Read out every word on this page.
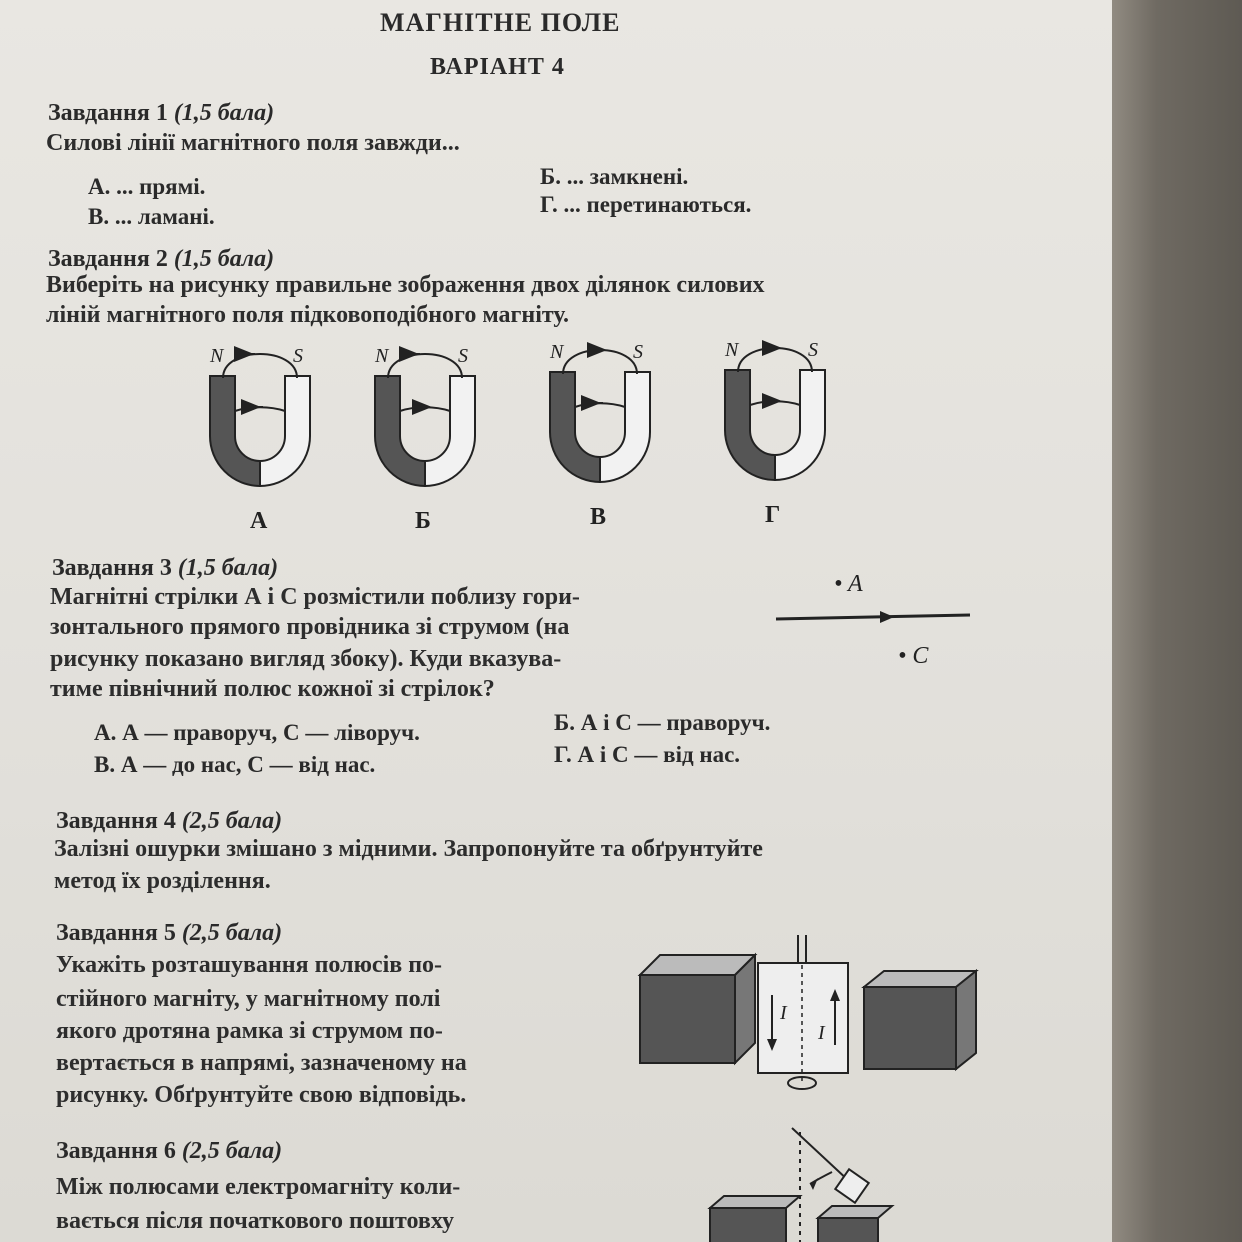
МАГНІТНЕ ПОЛЕ
ВАРІАНТ 4
Завдання 1 (1,5 бала)
Силові лінії магнітного поля завжди...
А. ... прямі.	Б. ... замкнені.
В. ... ламані.	Г. ... перетинаються.
Завдання 2 (1,5 бала)
Виберіть на рисунку правильне зображення двох ділянок силових
ліній магнітного поля підковоподібного магніту.
N	S
А
N	S
Б
N	S
В
N	S
Г
Завдання 3 (1,5 бала)
Магнітні стрілки А і С розмістили поблизу гори-
зонтального прямого провідника зі струмом (на
рисунку показано вигляд збоку). Куди вказува-
тиме північний полюс кожної зі стрілок?
• A
• C
А. А — праворуч, С — ліворуч.	Б. А і С — праворуч.
В. А — до нас, С — від нас.	Г. А і С — від нас.
Завдання 4 (2,5 бала)
Залізні ошурки змішано з мідними. Запропонуйте та обґрунтуйте
метод їх розділення.
Завдання 5 (2,5 бала)
Укажіть розташування полюсів по-
стійного магніту, у магнітному полі
якого дротяна рамка зі струмом по-
вертається в напрямі, зазначеному на
рисунку. Обґрунтуйте свою відповідь.
I
I
Завдання 6 (2,5 бала)
Між полюсами електромагніту коли-
вається після початкового поштовху
